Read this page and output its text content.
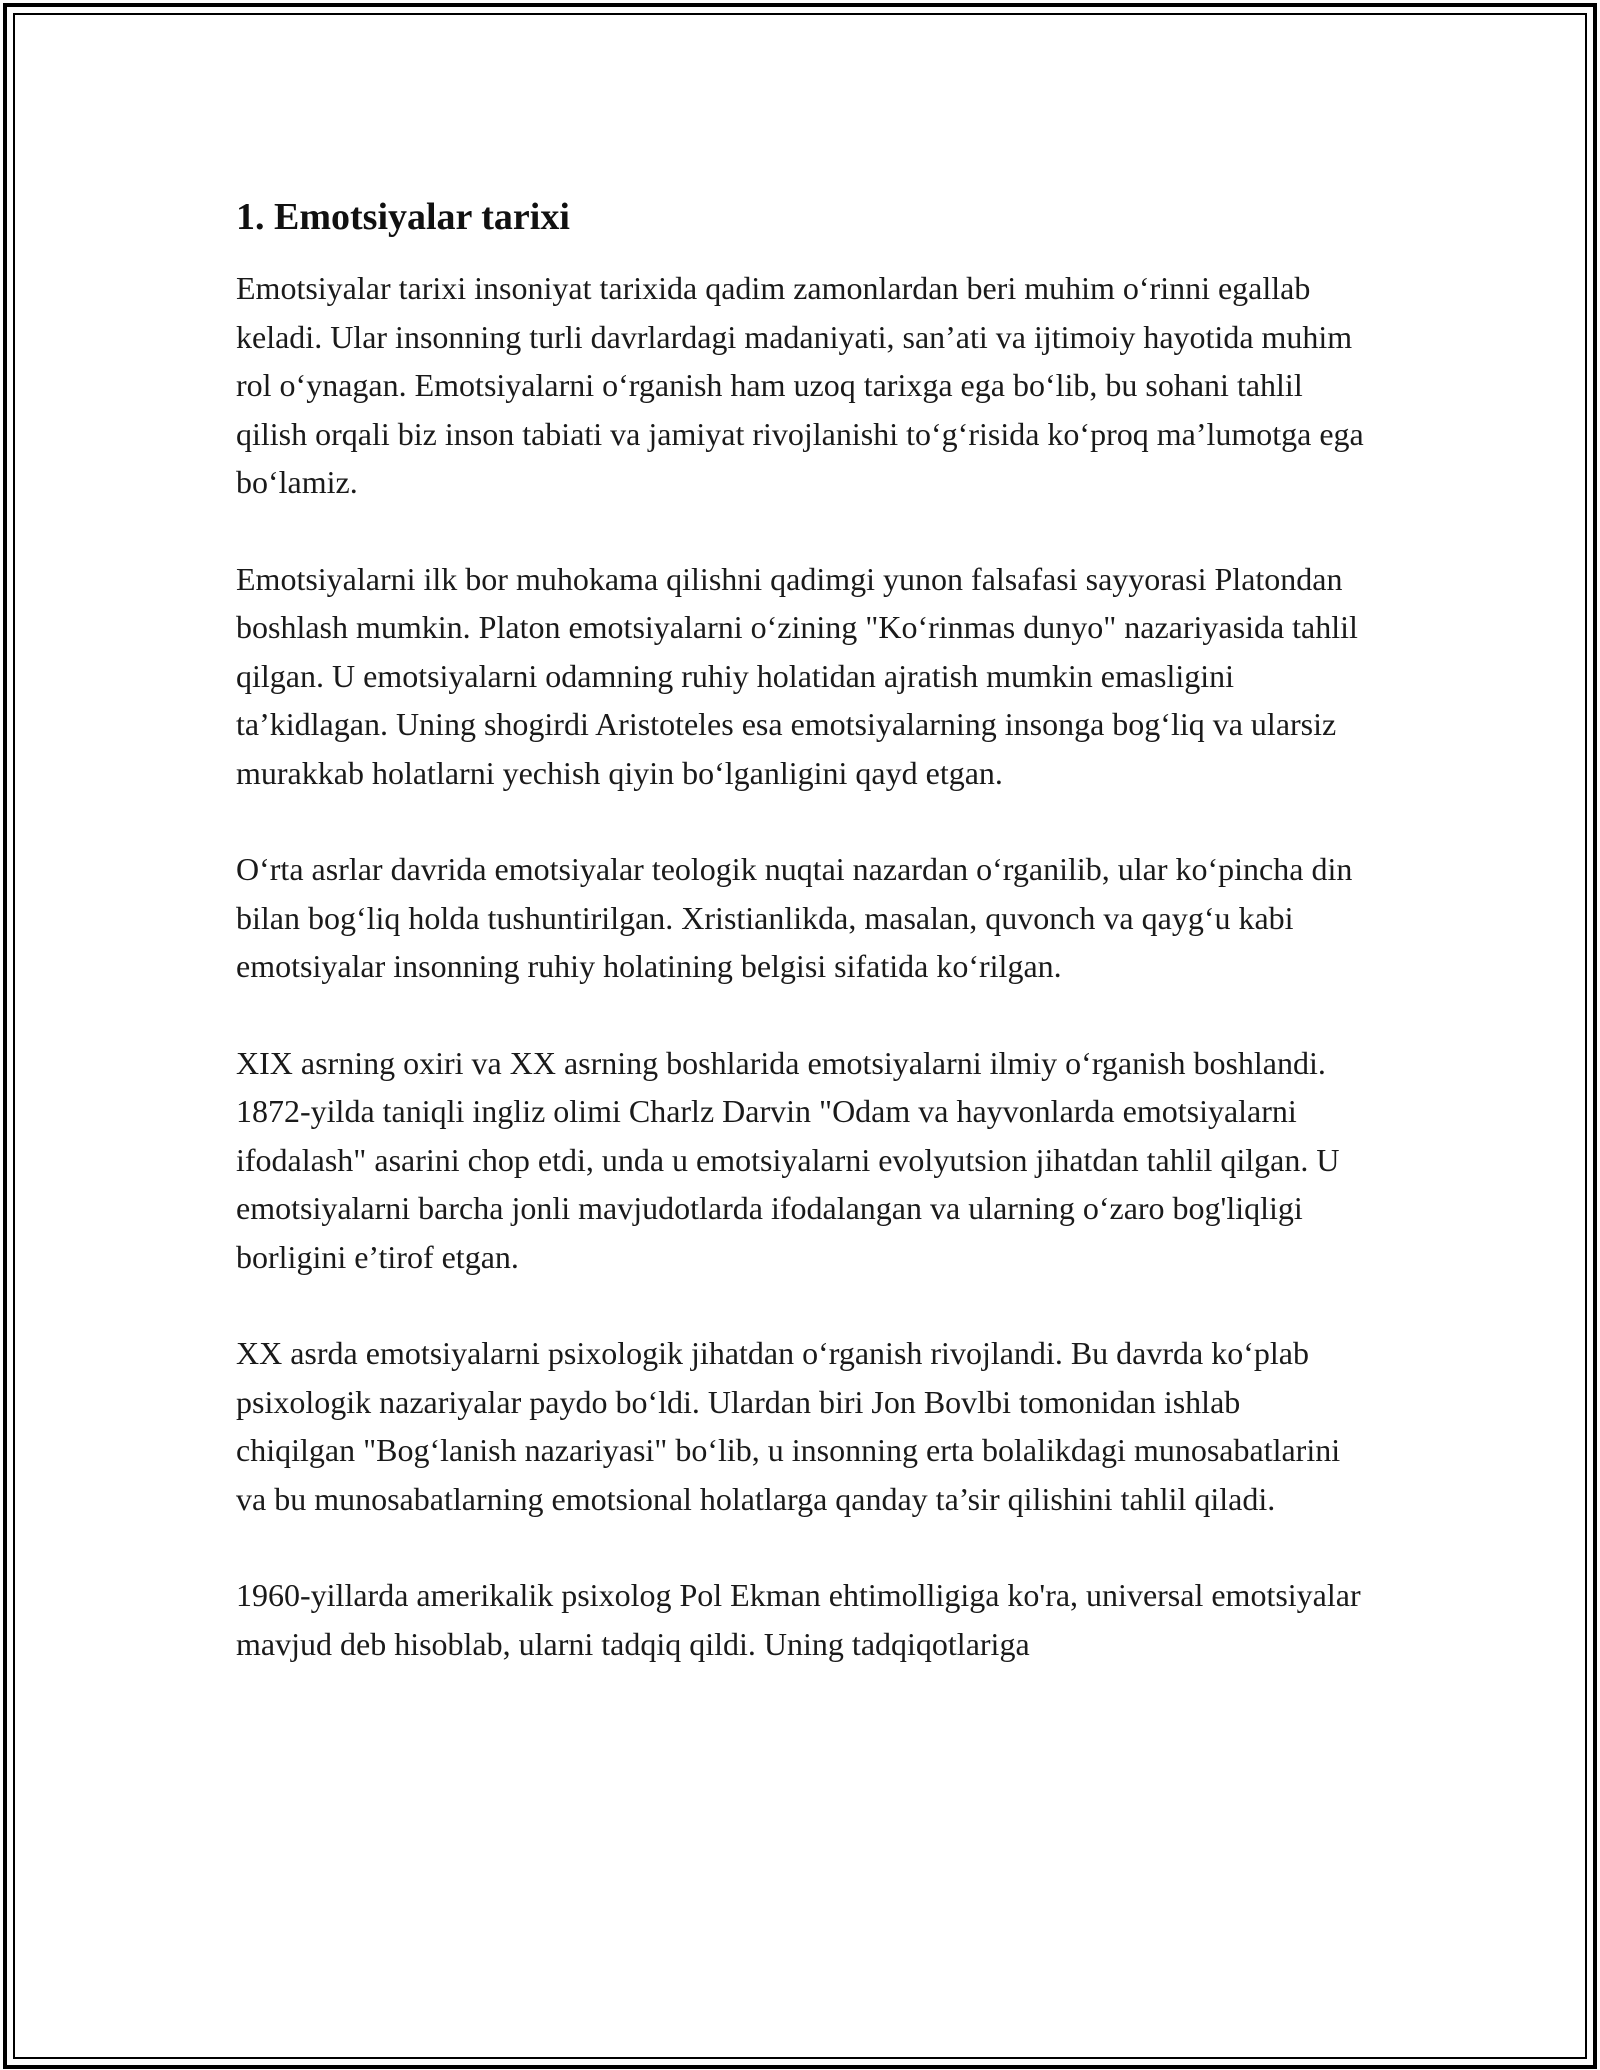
1. Emotsiyalar tarixi

Emotsiyalar tarixi insoniyat tarixida qadim zamonlardan beri muhim o‘rinni egallab keladi. Ular insonning turli davrlardagi madaniyati, san’ati va ijtimoiy hayotida muhim rol o‘ynagan. Emotsiyalarni o‘rganish ham uzoq tarixga ega bo‘lib, bu sohani tahlil qilish orqali biz inson tabiati va jamiyat rivojlanishi to‘g‘risida ko‘proq ma’lumotga ega bo‘lamiz.

Emotsiyalarni ilk bor muhokama qilishni qadimgi yunon falsafasi sayyorasi Platondan boshlash mumkin. Platon emotsiyalarni o‘zining "Ko‘rinmas dunyo" nazariyasida tahlil qilgan. U emotsiyalarni odamning ruhiy holatidan ajratish mumkin emasligini ta’kidlagan. Uning shogirdi Aristoteles esa emotsiyalarning insonga bog‘liq va ularsiz murakkab holatlarni yechish qiyin bo‘lganligini qayd etgan.

O‘rta asrlar davrida emotsiyalar teologik nuqtai nazardan o‘rganilib, ular ko‘pincha din bilan bog‘liq holda tushuntirilgan. Xristianlikda, masalan, quvonch va qayg‘u kabi emotsiyalar insonning ruhiy holatining belgisi sifatida ko‘rilgan.

XIX asrning oxiri va XX asrning boshlarida emotsiyalarni ilmiy o‘rganish boshlandi. 1872-yilda taniqli ingliz olimi Charlz Darvin "Odam va hayvonlarda emotsiyalarni ifodalash" asarini chop etdi, unda u emotsiyalarni evolyutsion jihatdan tahlil qilgan. U emotsiyalarni barcha jonli mavjudotlarda ifodalangan va ularning o‘zaro bog'liqligi borligini e’tirof etgan.

XX asrda emotsiyalarni psixologik jihatdan o‘rganish rivojlandi. Bu davrda ko‘plab psixologik nazariyalar paydo bo‘ldi. Ulardan biri Jon Bovlbi tomonidan ishlab chiqilgan "Bog‘lanish nazariyasi" bo‘lib, u insonning erta bolalikdagi munosabatlarini va bu munosabatlarning emotsional holatlarga qanday ta’sir qilishini tahlil qiladi.

1960-yillarda amerikalik psixolog Pol Ekman ehtimolligiga ko'ra, universal emotsiyalar mavjud deb hisoblab, ularni tadqiq qildi. Uning tadqiqotlariga
